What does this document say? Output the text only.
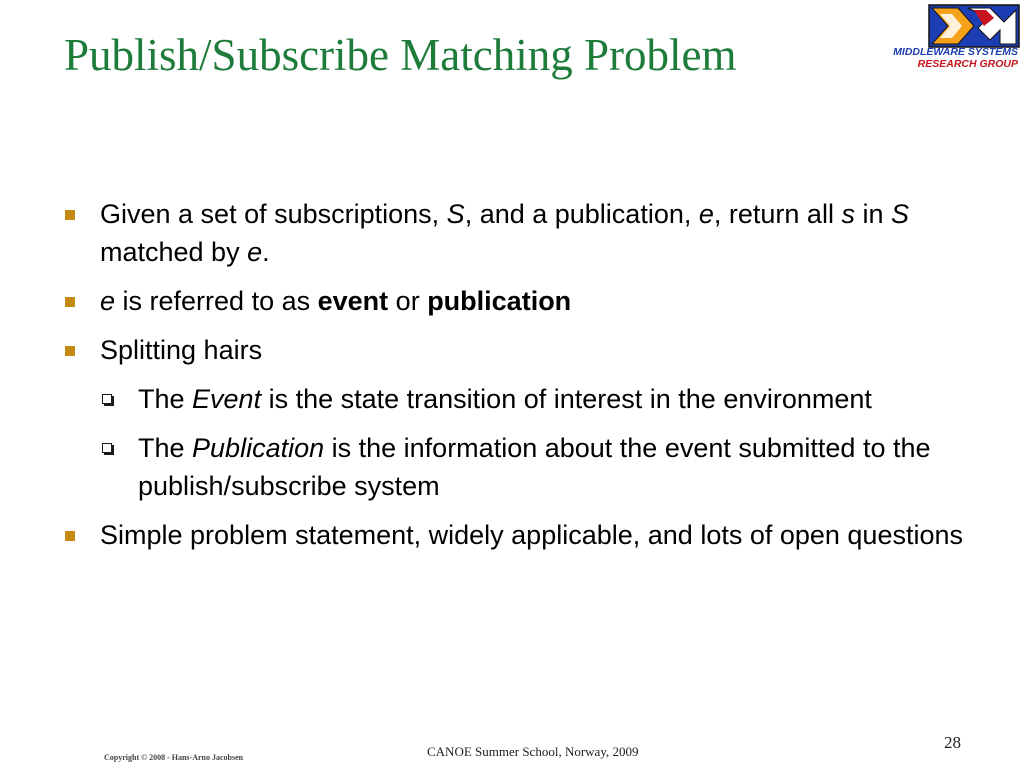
Publish/Subscribe Matching Problem	MIDDLEWARE SYSTEMS
RESEARCH GROUP
Given a set of subscriptions, S, and a publication, e, return all s in S matched by e.
e is referred to as event or publication
Splitting hairs
The Event is the state transition of interest in the environment
The Publication is the information about the event submitted to the publish/subscribe system
Simple problem statement, widely applicable, and lots of open questions
Copyright © 2008 - Hans-Arno Jacobsen	CANOE Summer School, Norway, 2009	28
